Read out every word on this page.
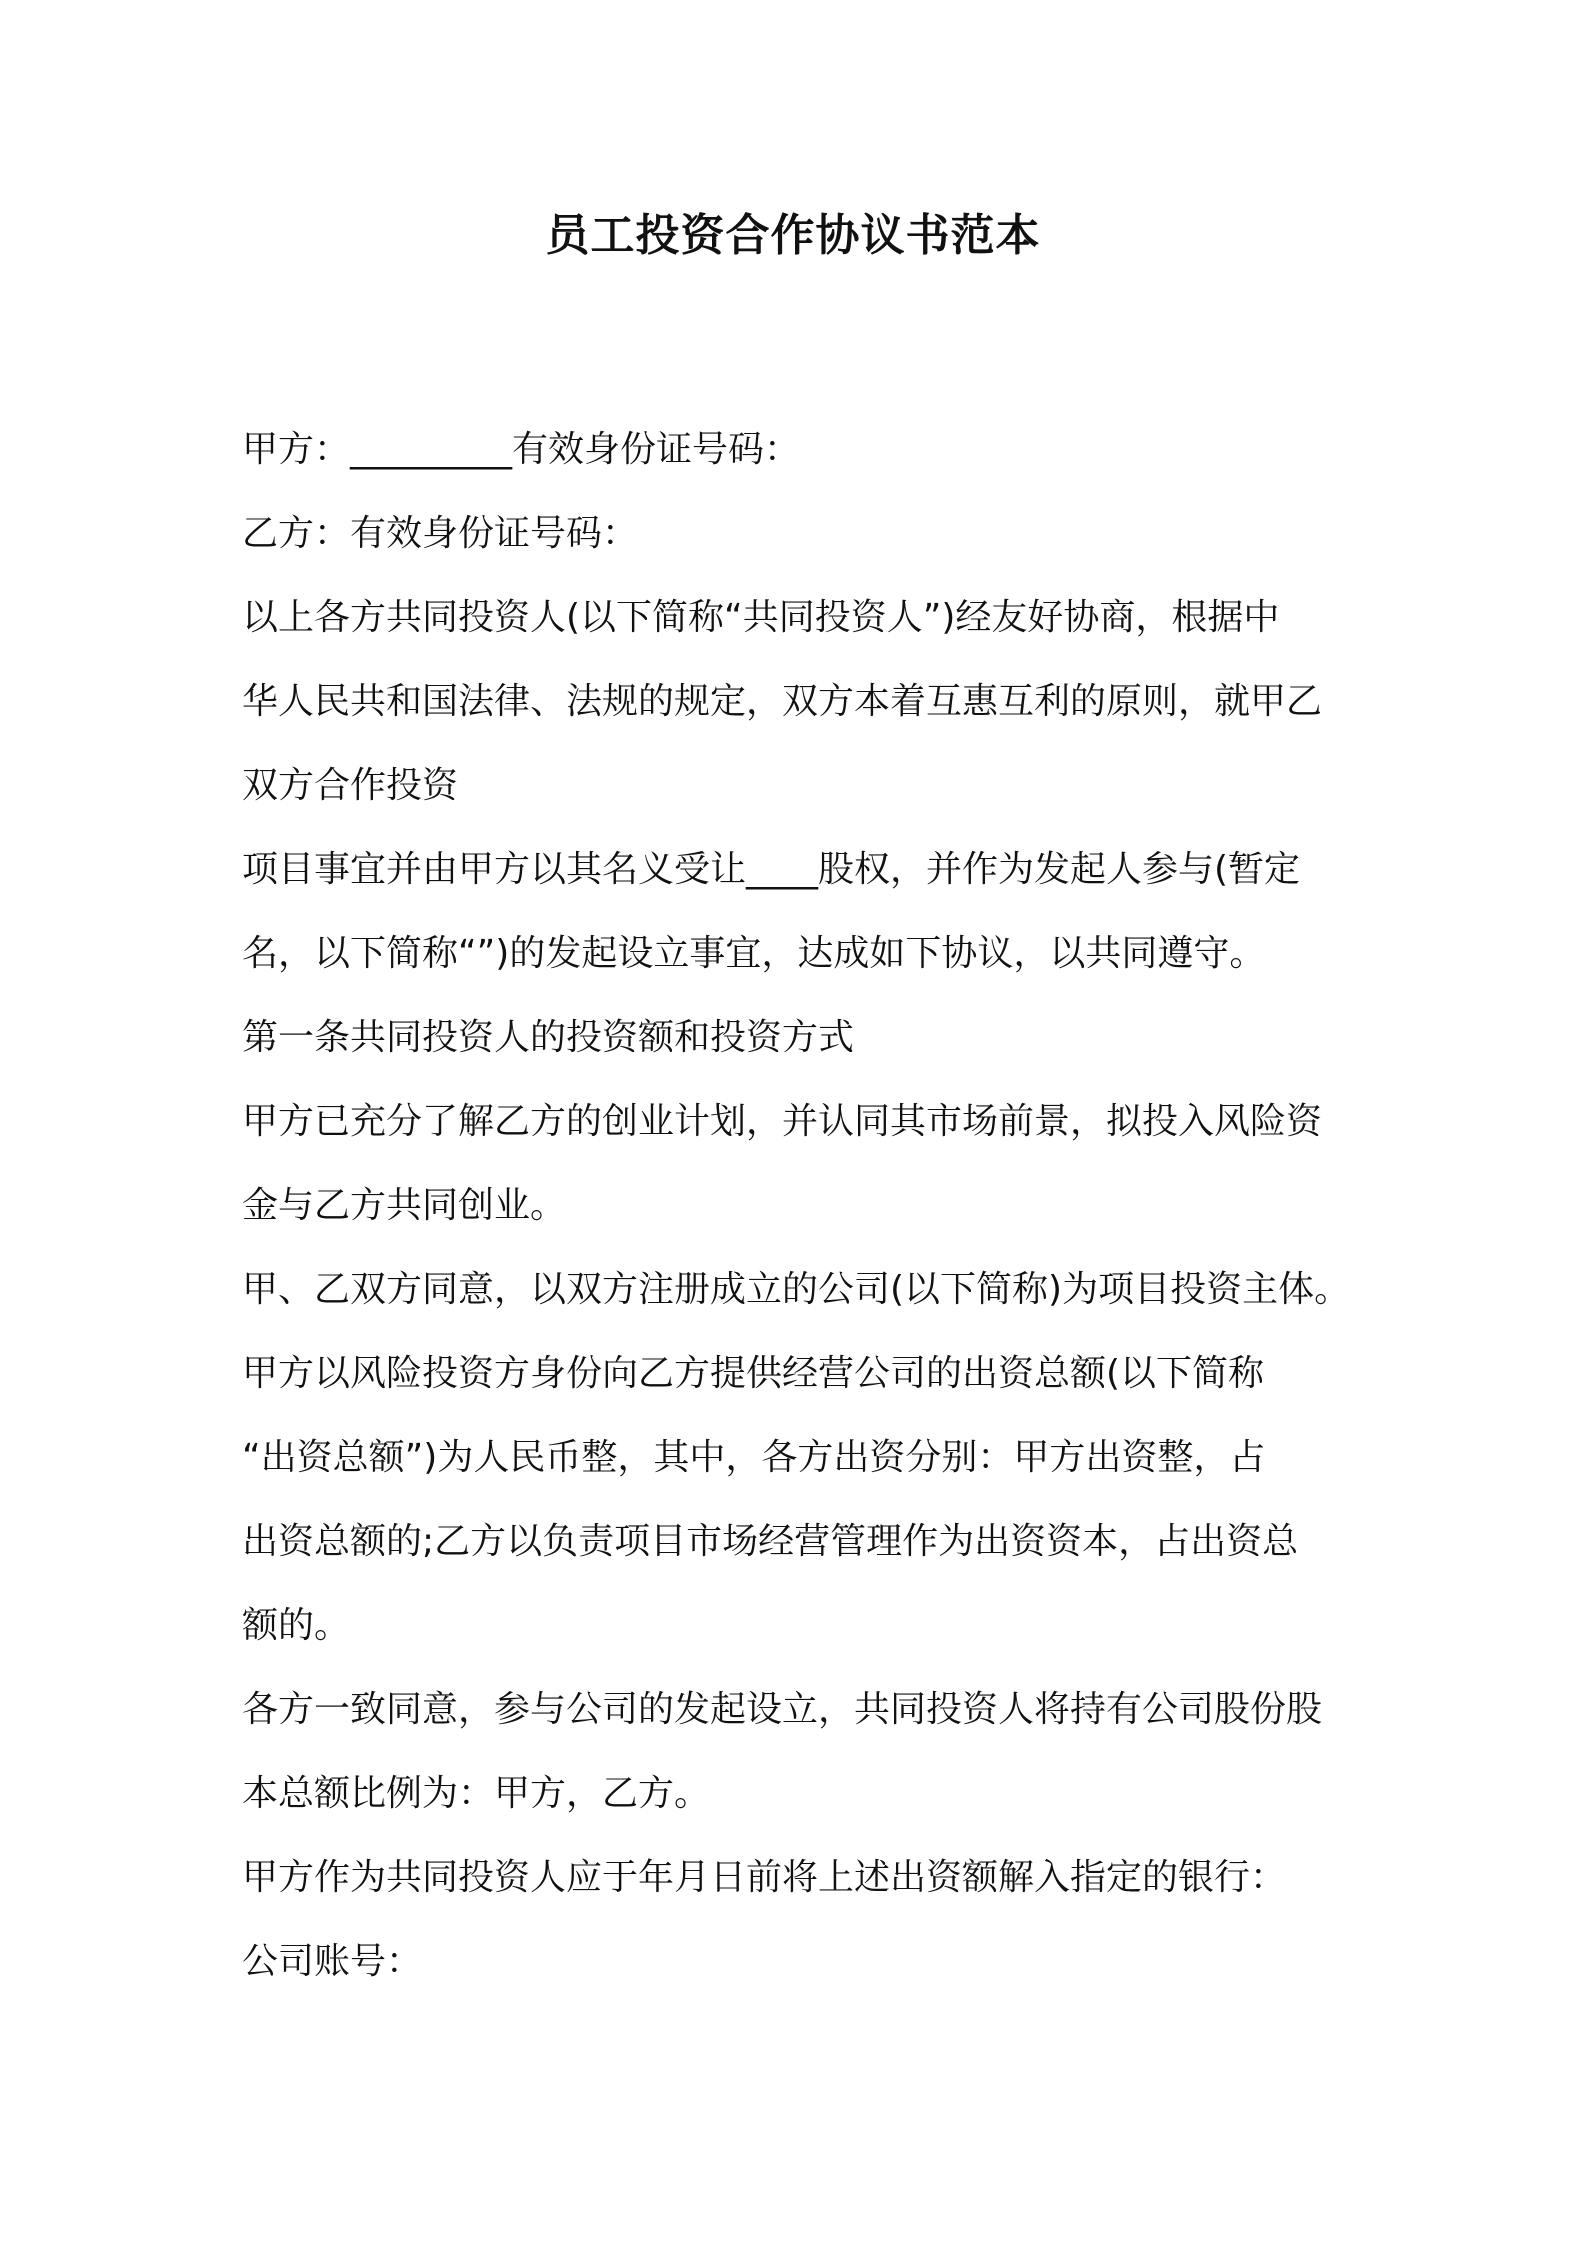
员工投资合作协议书范本
甲方：_________有效身份证号码：
乙方：有效身份证号码：
以上各方共同投资人(以下简称“共同投资人”)经友好协商，根据中
华人民共和国法律、法规的规定，双方本着互惠互利的原则，就甲乙
双方合作投资
项目事宜并由甲方以其名义受让____股权，并作为发起人参与(暂定
名，以下简称“”)的发起设立事宜，达成如下协议，以共同遵守。
第一条共同投资人的投资额和投资方式
甲方已充分了解乙方的创业计划，并认同其市场前景，拟投入风险资
金与乙方共同创业。
甲、乙双方同意，以双方注册成立的公司(以下简称)为项目投资主体。
甲方以风险投资方身份向乙方提供经营公司的出资总额(以下简称
“出资总额”)为人民币整，其中，各方出资分别：甲方出资整，占
出资总额的;乙方以负责项目市场经营管理作为出资资本，占出资总
额的。
各方一致同意，参与公司的发起设立，共同投资人将持有公司股份股
本总额比例为：甲方，乙方。
甲方作为共同投资人应于年月日前将上述出资额解入指定的银行：
公司账号：
